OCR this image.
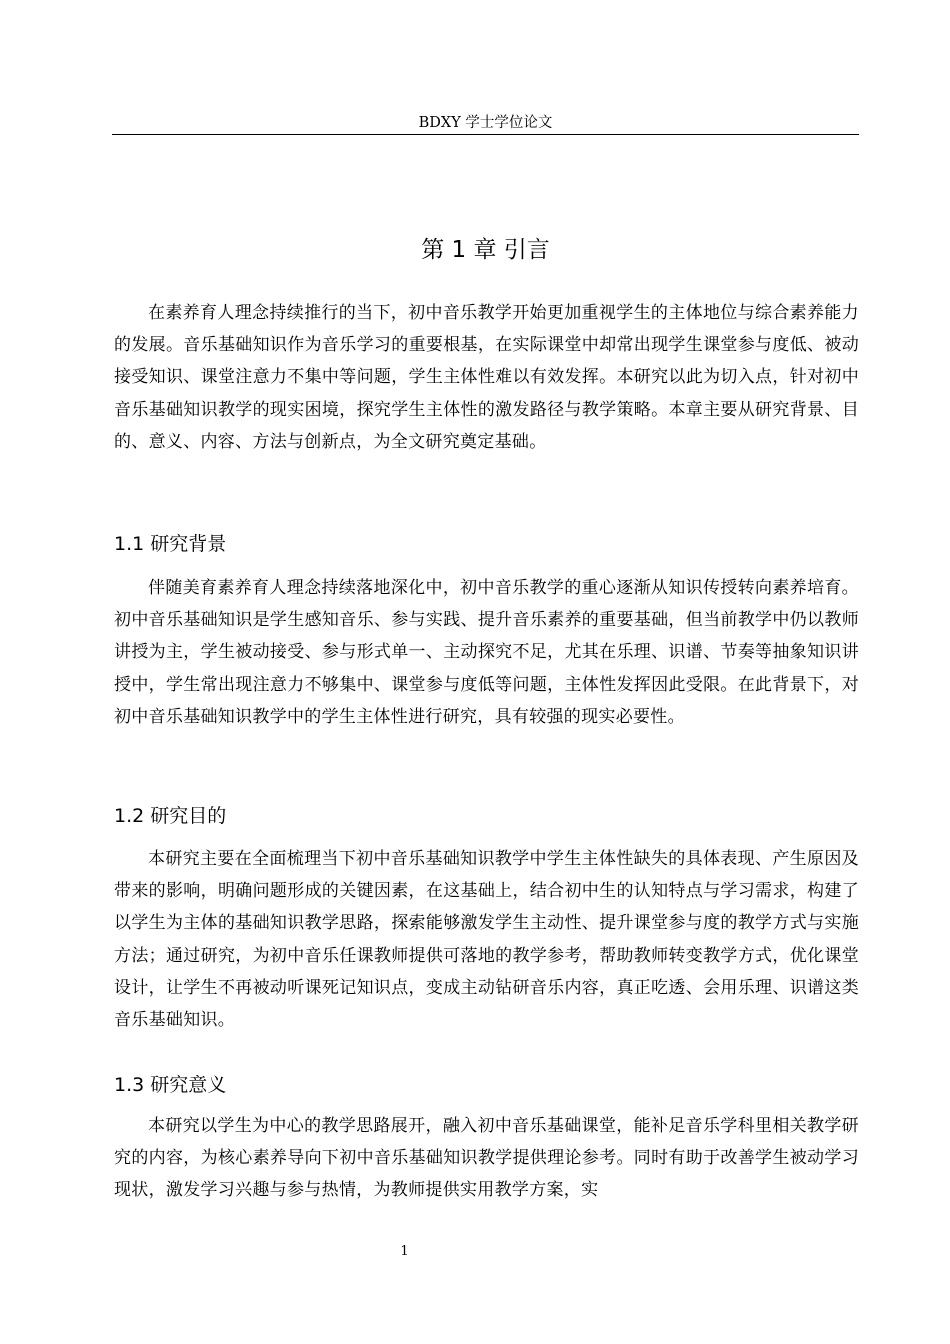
BDXY 学士学位论文
第 1 章 引言

在素养育人理念持续推行的当下，初中音乐教学开始更加重视学生的主体地位与综合素养能力的发展。音乐基础知识作为音乐学习的重要根基，在实际课堂中却常出现学生课堂参与度低、被动接受知识、课堂注意力不集中等问题，学生主体性难以有效发挥。本研究以此为切入点，针对初中音乐基础知识教学的现实困境，探究学生主体性的激发路径与教学策略。本章主要从研究背景、目的、意义、内容、方法与创新点，为全文研究奠定基础。

1.1 研究背景

伴随美育素养育人理念持续落地深化中，初中音乐教学的重心逐渐从知识传授转向素养培育。初中音乐基础知识是学生感知音乐、参与实践、提升音乐素养的重要基础，但当前教学中仍以教师讲授为主，学生被动接受、参与形式单一、主动探究不足，尤其在乐理、识谱、节奏等抽象知识讲授中，学生常出现注意力不够集中、课堂参与度低等问题，主体性发挥因此受限。在此背景下，对初中音乐基础知识教学中的学生主体性进行研究，具有较强的现实必要性。

1.2 研究目的

本研究主要在全面梳理当下初中音乐基础知识教学中学生主体性缺失的具体表现、产生原因及带来的影响，明确问题形成的关键因素，在这基础上，结合初中生的认知特点与学习需求，构建了以学生为主体的基础知识教学思路，探索能够激发学生主动性、提升课堂参与度的教学方式与实施方法；通过研究，为初中音乐任课教师提供可落地的教学参考，帮助教师转变教学方式，优化课堂设计，让学生不再被动听课死记知识点，变成主动钻研音乐内容，真正吃透、会用乐理、识谱这类音乐基础知识。

1.3 研究意义

本研究以学生为中心的教学思路展开，融入初中音乐基础课堂，能补足音乐学科里相关教学研究的内容，为核心素养导向下初中音乐基础知识教学提供理论参考。同时有助于改善学生被动学习现状，激发学习兴趣与参与热情，为教师提供实用教学方案，实

1
